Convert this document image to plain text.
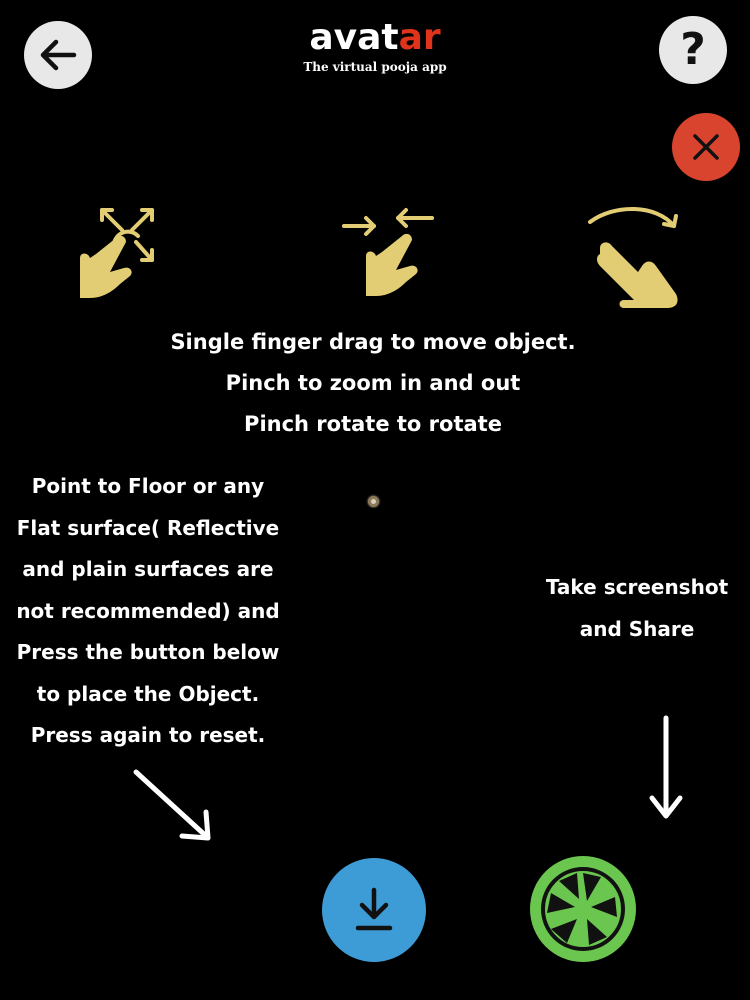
avatar
The virtual pooja app	?
Single finger drag to move object.
Pinch to zoom in and out
Pinch rotate to rotate
Point to Floor or any
Flat surface( Reflective
and plain surfaces are
not recommended) and
Press the button below
to place the Object.
Press again to reset.
Take screenshot
and Share
